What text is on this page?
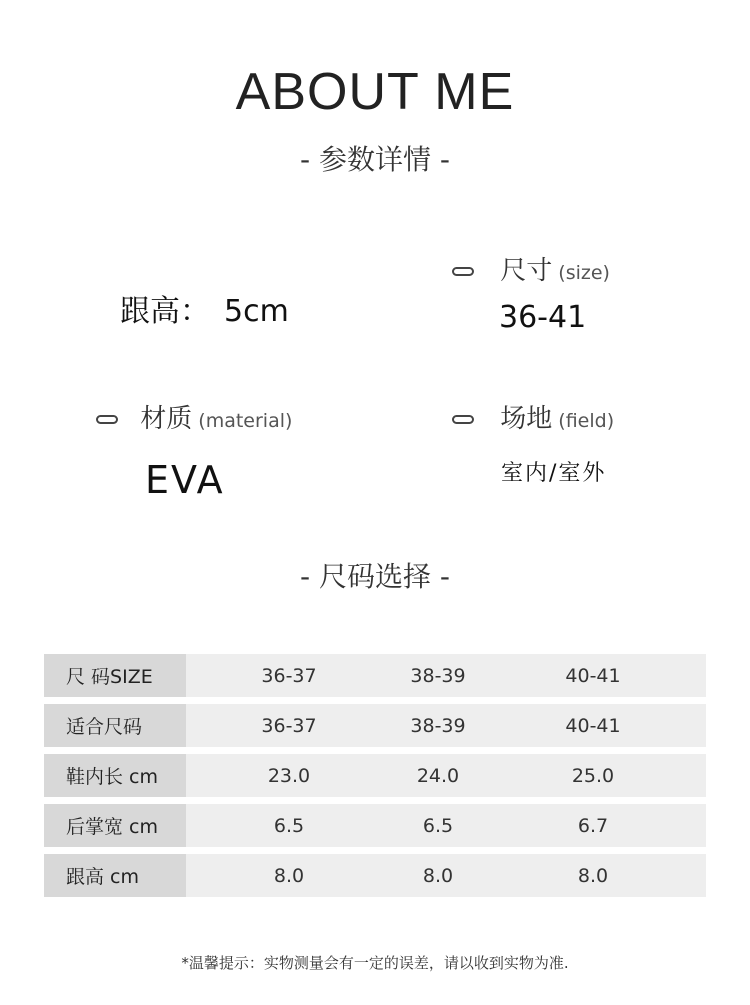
ABOUT ME
- 参数详情 -
跟高： 5cm
尺寸 (size)
36-41
材质 (material)
EVA
场地 (field)
室内/室外
- 尺码选择 -
尺 码SIZE	36-37	38-39	40-41
适合尺码	36-37	38-39	40-41
鞋内长 cm	23.0	24.0	25.0
后掌宽 cm	6.5	6.5	6.7
跟高 cm	8.0	8.0	8.0
*温馨提示：实物测量会有一定的误差，请以收到实物为准.
